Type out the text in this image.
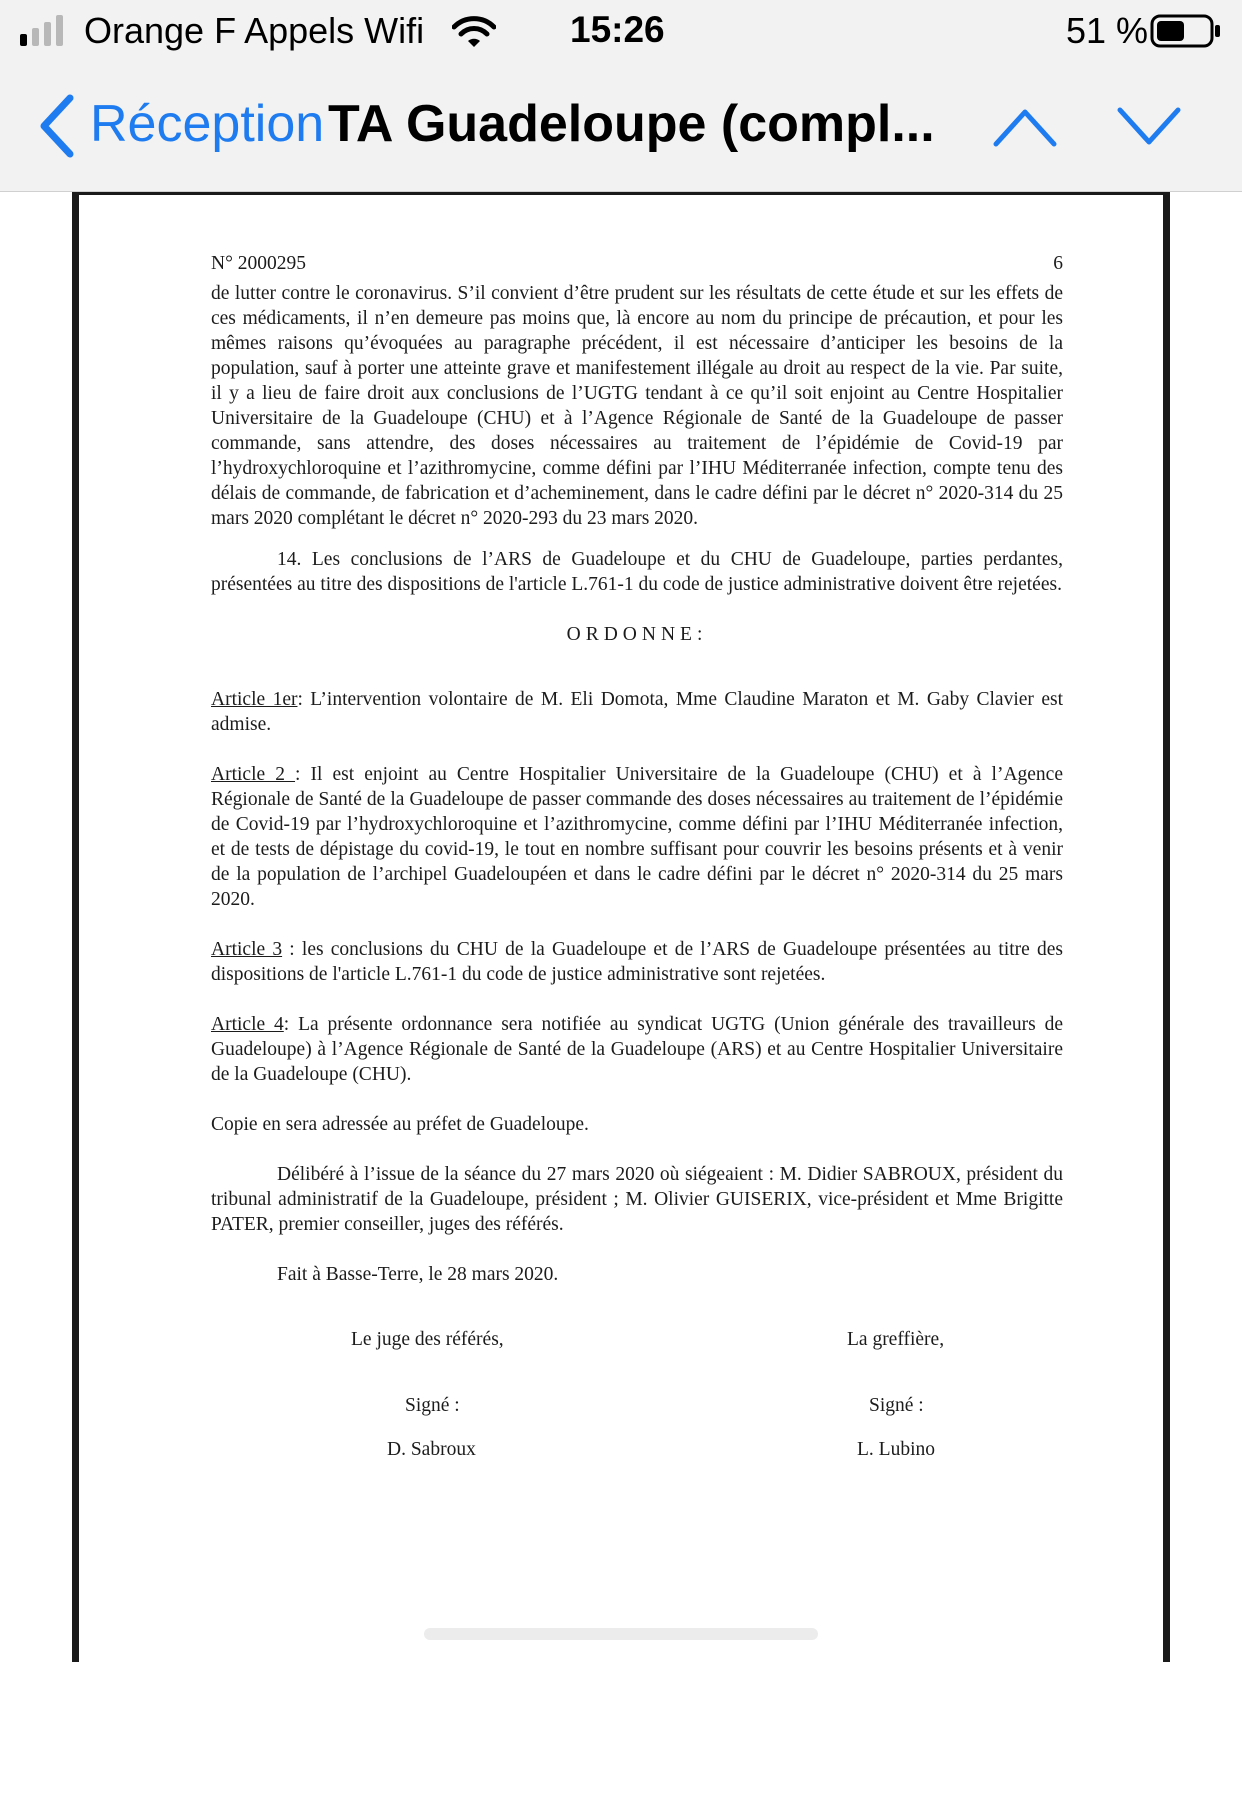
Orange F Appels Wifi	15:26	51 %
Réception TA Guadeloupe (compl...
N° 2000295	6

de lutter contre le coronavirus. S’il convient d’être prudent sur les résultats de cette étude et sur les effets de ces médicaments, il n’en demeure pas moins que, là encore au nom du principe de précaution, et pour les mêmes raisons qu’évoquées au paragraphe précédent, il est nécessaire d’anticiper les besoins de la population, sauf à porter une atteinte grave et manifestement illégale au droit au respect de la vie. Par suite, il y a lieu de faire droit aux conclusions de l’UGTG tendant à ce qu’il soit enjoint au Centre Hospitalier Universitaire de la Guadeloupe (CHU) et à l’Agence Régionale de Santé de la Guadeloupe de passer commande, sans attendre, des doses nécessaires au traitement de l’épidémie de Covid-19 par l’hydroxychloroquine et l’azithromycine, comme défini par l’IHU Méditerranée infection, compte tenu des délais de commande, de fabrication et d’acheminement, dans le cadre défini par le décret n° 2020-314 du 25 mars 2020 complétant le décret n° 2020-293 du 23 mars 2020.

14. Les conclusions de l’ARS de Guadeloupe et du CHU de Guadeloupe, parties perdantes, présentées au titre des dispositions de l'article L.761-1 du code de justice administrative doivent être rejetées.

ORDONNE:

Article 1er: L’intervention volontaire de M. Eli Domota, Mme Claudine Maraton et M. Gaby Clavier est admise.

Article 2 : Il est enjoint au Centre Hospitalier Universitaire de la Guadeloupe (CHU) et à l’Agence Régionale de Santé de la Guadeloupe de passer commande des doses nécessaires au traitement de l’épidémie de Covid-19 par l’hydroxychloroquine et l’azithromycine, comme défini par l’IHU Méditerranée infection, et de tests de dépistage du covid-19, le tout en nombre suffisant pour couvrir les besoins présents et à venir de la population de l’archipel Guadeloupéen et dans le cadre défini par le décret n° 2020-314 du 25 mars 2020.

Article 3 : les conclusions du CHU de la Guadeloupe et de l’ARS de Guadeloupe présentées au titre des dispositions de l'article L.761-1 du code de justice administrative sont rejetées.

Article 4: La présente ordonnance sera notifiée au syndicat UGTG (Union générale des travailleurs de Guadeloupe) à l’Agence Régionale de Santé de la Guadeloupe (ARS) et au Centre Hospitalier Universitaire de la Guadeloupe (CHU).

Copie en sera adressée au préfet de Guadeloupe.

Délibéré à l’issue de la séance du 27 mars 2020 où siégeaient : M. Didier SABROUX, président du tribunal administratif de la Guadeloupe, président ; M. Olivier GUISERIX, vice-président et Mme Brigitte PATER, premier conseiller, juges des référés.

Fait à Basse-Terre, le 28 mars 2020.

Le juge des référés,	La greffière,
Signé :	Signé :
D. Sabroux	L. Lubino
